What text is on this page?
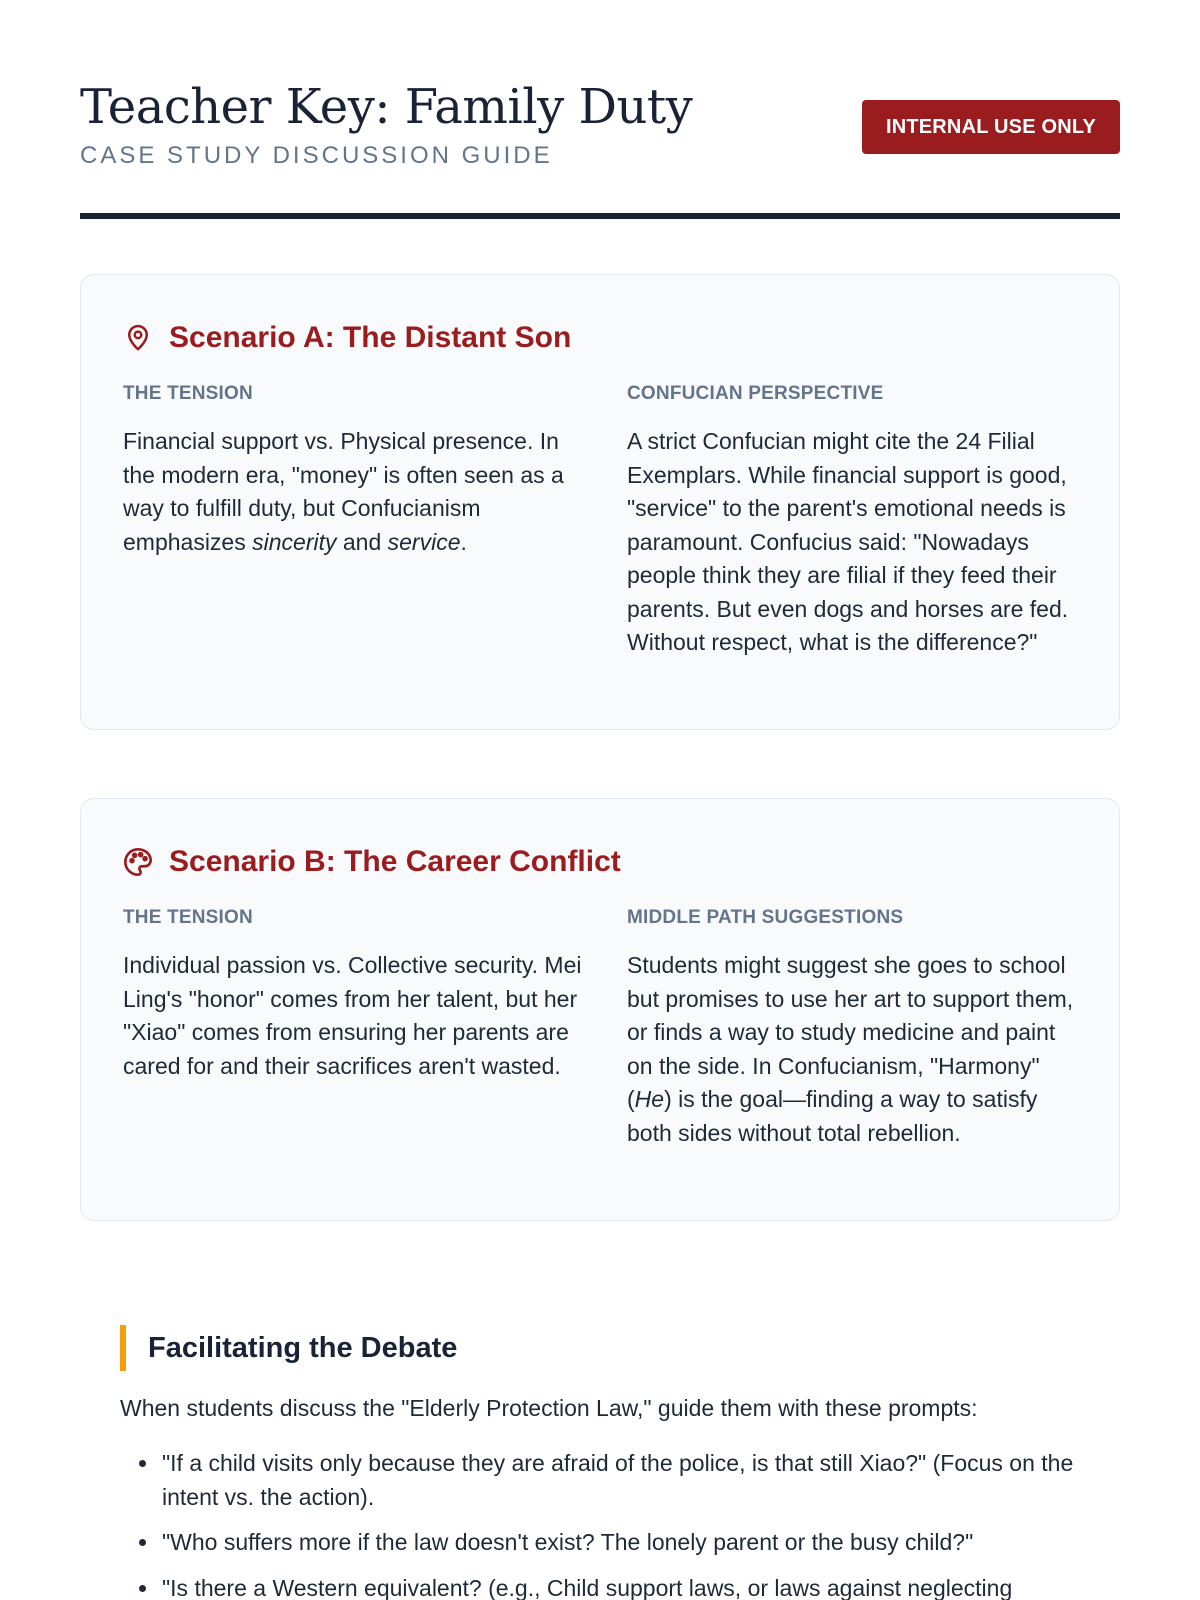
Teacher Key: Family Duty
CASE STUDY DISCUSSION GUIDE
INTERNAL USE ONLY
Scenario A: The Distant Son
THE TENSION
Financial support vs. Physical presence. In the modern era, "money" is often seen as a way to fulfill duty, but Confucianism emphasizes sincerity and service.
CONFUCIAN PERSPECTIVE
A strict Confucian might cite the 24 Filial Exemplars. While financial support is good, "service" to the parent's emotional needs is paramount. Confucius said: "Nowadays people think they are filial if they feed their parents. But even dogs and horses are fed. Without respect, what is the difference?"
Scenario B: The Career Conflict
THE TENSION
Individual passion vs. Collective security. Mei Ling's "honor" comes from her talent, but her "Xiao" comes from ensuring her parents are cared for and their sacrifices aren't wasted.
MIDDLE PATH SUGGESTIONS
Students might suggest she goes to school but promises to use her art to support them, or finds a way to study medicine and paint on the side. In Confucianism, "Harmony" (He) is the goal—finding a way to satisfy both sides without total rebellion.
Facilitating the Debate
When students discuss the "Elderly Protection Law," guide them with these prompts:
• "If a child visits only because they are afraid of the police, is that still Xiao?" (Focus on the intent vs. the action).
• "Who suffers more if the law doesn't exist? The lonely parent or the busy child?"
• "Is there a Western equivalent? (e.g., Child support laws, or laws against neglecting
